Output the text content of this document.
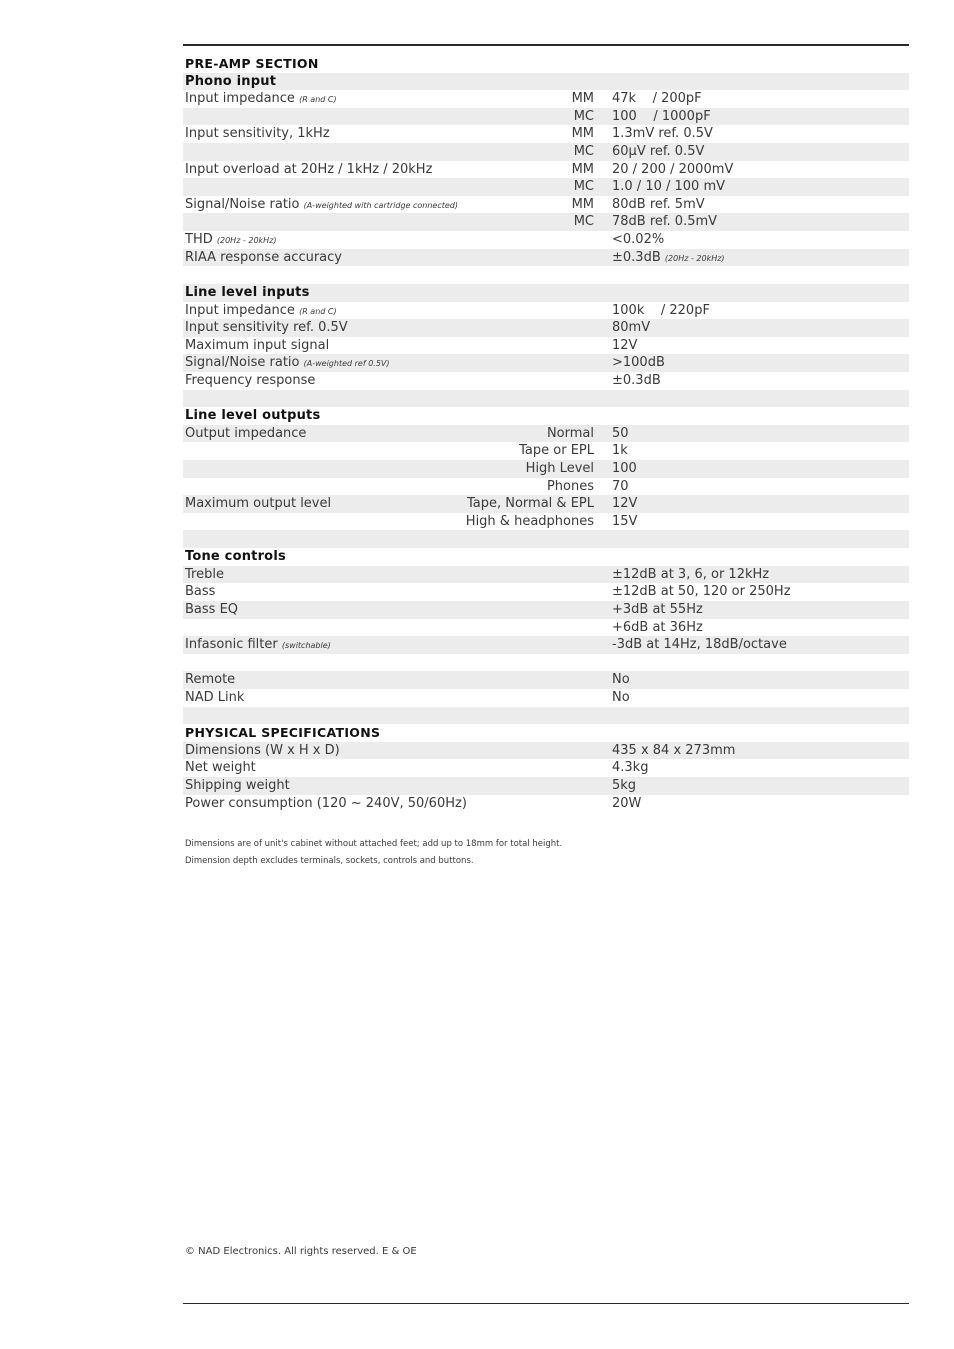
PRE-AMP SECTION
Phono input
Input impedance (R and C)	MM 47k    / 200pF
MC 100    / 1000pF
Input sensitivity, 1kHz	MM 1.3mV ref. 0.5V
MC 60μV ref. 0.5V
Input overload at 20Hz / 1kHz / 20kHz	MM 20 / 200 / 2000mV
MC 1.0 / 10 / 100 mV
Signal/Noise ratio (A-weighted with cartridge connected)	MM 80dB ref. 5mV
MC 78dB ref. 0.5mV
THD (20Hz - 20kHz)	<0.02%
RIAA response accuracy	±0.3dB (20Hz - 20kHz)
Line level inputs
Input impedance (R and C)	100k    / 220pF
Input sensitivity ref. 0.5V	80mV
Maximum input signal	12V
Signal/Noise ratio (A-weighted ref 0.5V)	>100dB
Frequency response	±0.3dB
Line level outputs
Output impedance	Normal 50
Tape or EPL 1k
High Level 100
Phones 70
Maximum output level	Tape, Normal & EPL 12V
High & headphones 15V
Tone controls
Treble	±12dB at 3, 6, or 12kHz
Bass	±12dB at 50, 120 or 250Hz
Bass EQ	+3dB at 55Hz
+6dB at 36Hz
Infasonic filter (switchable)	-3dB at 14Hz, 18dB/octave
Remote	No
NAD Link	No
PHYSICAL SPECIFICATIONS
Dimensions (W x H x D)	435 x 84 x 273mm
Net weight	4.3kg
Shipping weight	5kg
Power consumption (120 ~ 240V, 50/60Hz)	20W
Dimensions are of unit's cabinet without attached feet; add up to 18mm for total height.
Dimension depth excludes terminals, sockets, controls and buttons.
© NAD Electronics. All rights reserved. E & OE
